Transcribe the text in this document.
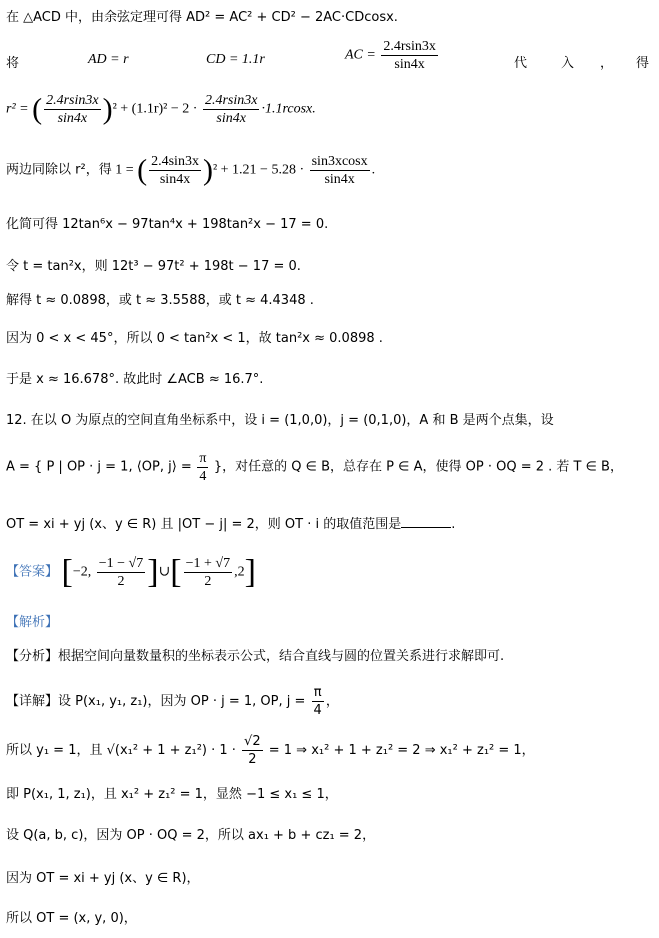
在 △ACD 中，由余弦定理可得 AD² = AC² + CD² − 2AC·CDcosx.
将	AD = r	CD = 1.1r	AC = $\frac{2.4rsin3x}{\sin 4x}$	代	入 ， 得
r² = ( $\frac{2.4rsin3x}{\sin 4x} )^2 + (1.1r)^2 - 2 \cdot \frac{2.4rsin3x}{\sin 4x} \cdot 1.1rcosx$.
两边同除以 r²，得 1 = ( $\frac{2.4\sin 3x}{\sin 4x} )^2 + 1.21 - 5.28 \cdot \frac{\sin 3xcosx}{\sin 4x}$ .
化简可得 12tan⁶x − 97tan⁴x + 198tan²x − 17 = 0.
令 t = tan²x，则 12t³ − 97t² + 198t − 17 = 0.
解得 t ≈ 0.0898，或 t ≈ 3.5588，或 t ≈ 4.4348 .
因为 0 < x < 45°，所以 0 < tan²x < 1，故 tan²x ≈ 0.0898 .
于是 x ≈ 16.678°. 故此时 ∠ACB ≈ 16.7°.
12. 在以 O 为原点的空间直角坐标系中，设 i = (1,0,0)，j = (0,1,0)，A 和 B 是两个点集，设
A = { P | OP · j = 1, ⟨OP, j⟩ = $\frac{\pi}{4}$ }，对任意的 Q ∈ B，总存在 P ∈ A，使得 OP · OQ = 2 . 若 T ∈ B，
OT = xi + yj (x、y ∈ R) 且 |OT − j| = 2，则 OT · i 的取值范围是	.
【答案】 [−2, $\frac{-1 - √7}{2}$ ]∪[ $\frac{-1 + √7}{2} ,2$]
【解析】
【分析】根据空间向量数量积的坐标表示公式，结合直线与圆的位置关系进行求解即可.
【详解】设 P(x₁, y₁, z₁)，因为 OP · j = 1, OP, $j = \frac{\pi}{4}$ ，
所以 y₁ = 1，且 $√(x_1^2 + 1 + z_1^2) \cdot 1 \cdot \frac{√2}{2} = 1$ ⇒ x₁² + 1 + z₁² = 2 ⇒ x₁² + z₁² = 1，
即 P(x₁, 1, z₁)，且 x₁² + z₁² = 1，显然 −1 ≤ x₁ ≤ 1，
设 Q(a, b, c)，因为 OP · OQ = 2，所以 ax₁ + b + cz₁ = 2，
因为 OT = xi + yj (x、y ∈ R)，
所以 OT = (x, y, 0)，
